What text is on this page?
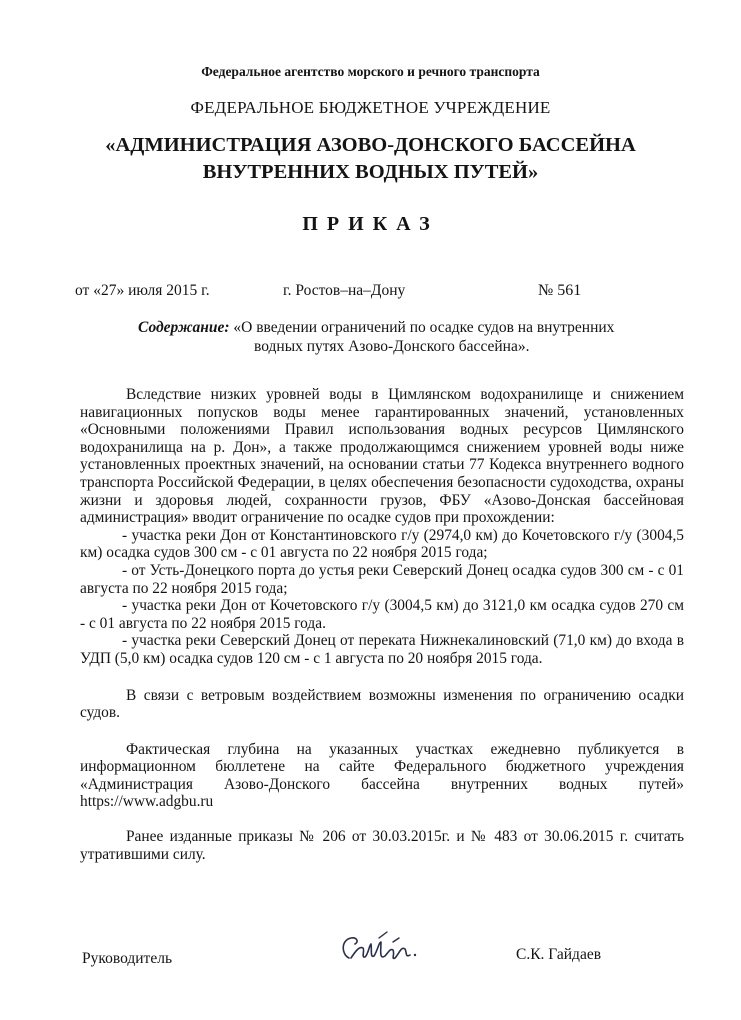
Федеральное агентство морского и речного транспорта
ФЕДЕРАЛЬНОЕ БЮДЖЕТНОЕ УЧРЕЖДЕНИЕ
«АДМИНИСТРАЦИЯ АЗОВО-ДОНСКОГО БАССЕЙНА
ВНУТРЕННИХ ВОДНЫХ ПУТЕЙ»
ПРИКАЗ
от «27» июля 2015 г.	г. Ростов–на–Дону	№ 561
Содержание: «О введении ограничений по осадке судов на внутренних
водных путях Азово-Донского бассейна».

Вследствие низких уровней воды в Цимлянском водохранилище и снижением навигационных попусков воды менее гарантированных значений, установленных «Основными положениями Правил использования водных ресурсов Цимлянского водохранилища на р. Дон», а также продолжающимся снижением уровней воды ниже установленных проектных значений, на основании статьи 77 Кодекса внутреннего водного транспорта Российской Федерации, в целях обеспечения безопасности судоходства, охраны жизни и здоровья людей, сохранности грузов, ФБУ «Азово-Донская бассейновая администрация» вводит ограничение по осадке судов при прохождении:

- участка реки Дон от Константиновского г/у (2974,0 км) до Кочетовского г/у (3004,5 км) осадка судов 300 см - с 01 августа по 22 ноября 2015 года;

- от Усть-Донецкого порта до устья реки Северский Донец осадка судов 300 см - с 01 августа по 22 ноября 2015 года;

- участка реки Дон от Кочетовского г/у (3004,5 км) до 3121,0 км осадка судов 270 см - с 01 августа по 22 ноября 2015 года.

- участка реки Северский Донец от переката Нижнекалиновский (71,0 км) до входа в УДП (5,0 км) осадка судов 120 см - с 1 августа по 20 ноября 2015 года.

В связи с ветровым воздействием возможны изменения по ограничению осадки судов.

Фактическая глубина на указанных участках ежедневно публикуется в информационном бюллетене на сайте Федерального бюджетного учреждения «Администрация Азово-Донского бассейна внутренних водных путей» https://www.adgbu.ru

Ранее изданные приказы № 206 от 30.03.2015г. и № 483 от 30.06.2015 г. считать утратившими силу.

Руководитель	С.К. Гайдаев
